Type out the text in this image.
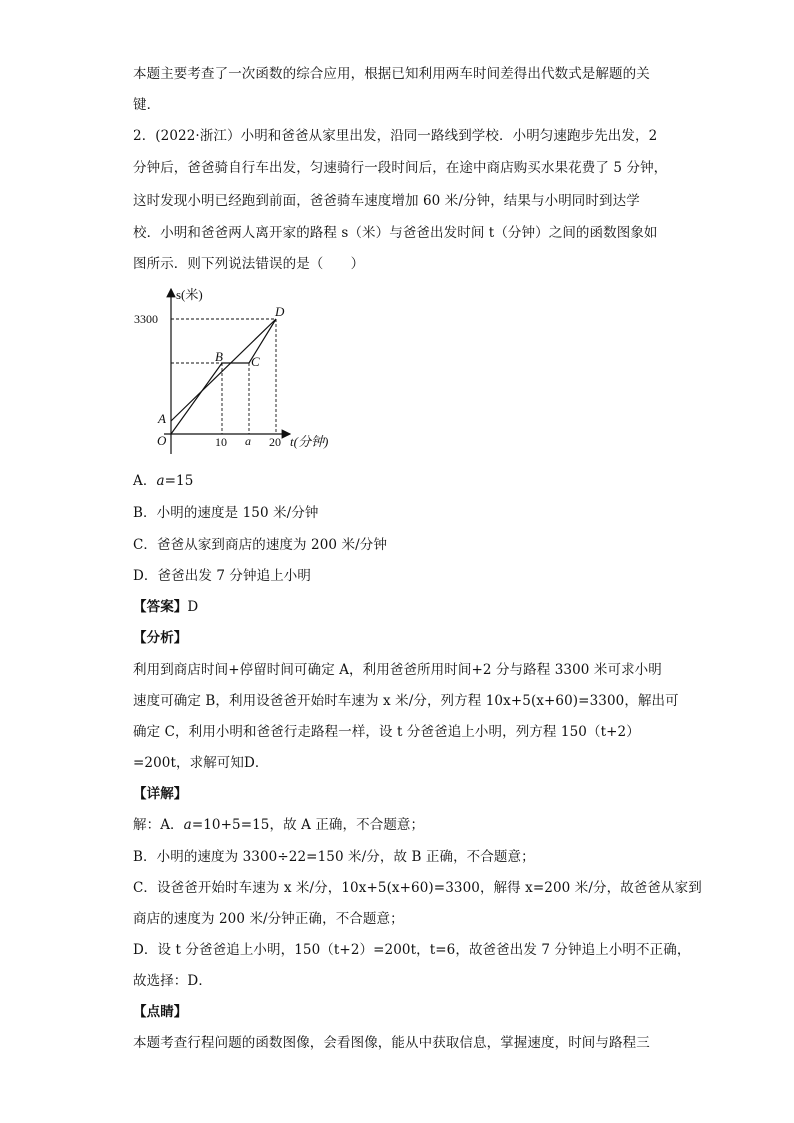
本题主要考查了一次函数的综合应用，根据已知利用两车时间差得出代数式是解题的关
键．
2．(2022·浙江）小明和爸爸从家里出发，沿同一路线到学校．小明匀速跑步先出发，2
分钟后，爸爸骑自行车出发，匀速骑行一段时间后，在途中商店购买水果花费了 5 分钟，
这时发现小明已经跑到前面，爸爸骑车速度增加 60 米/分钟，结果与小明同时到达学
校．小明和爸爸两人离开家的路程 s（米）与爸爸出发时间 t（分钟）之间的函数图象如
图所示．则下列说法错误的是（　　）
s(米)
t(分钟)
3300
10 a 20
O
A
B C
D
A．a=15
B．小明的速度是 150 米/分钟
C．爸爸从家到商店的速度为 200 米/分钟
D．爸爸出发 7 分钟追上小明
【答案】D
【分析】
利用到商店时间+停留时间可确定 A，利用爸爸所用时间+2 分与路程 3300 米可求小明
速度可确定 B，利用设爸爸开始时车速为 x 米/分，列方程 10x+5(x+60)=3300，解出可
确定 C，利用小明和爸爸行走路程一样，设 t 分爸爸追上小明，列方程 150（t+2）
=200t，求解可知D．
【详解】
解：A．a=10+5=15，故 A 正确，不合题意；
B．小明的速度为 3300÷22=150 米/分，故 B 正确，不合题意；
C．设爸爸开始时车速为 x 米/分，10x+5(x+60)=3300，解得 x=200 米/分，故爸爸从家到
商店的速度为 200 米/分钟正确，不合题意；
D．设 t 分爸爸追上小明，150（t+2）=200t，t=6，故爸爸出发 7 分钟追上小明不正确，
故选择：D．
【点睛】
本题考查行程问题的函数图像，会看图像，能从中获取信息，掌握速度，时间与路程三
